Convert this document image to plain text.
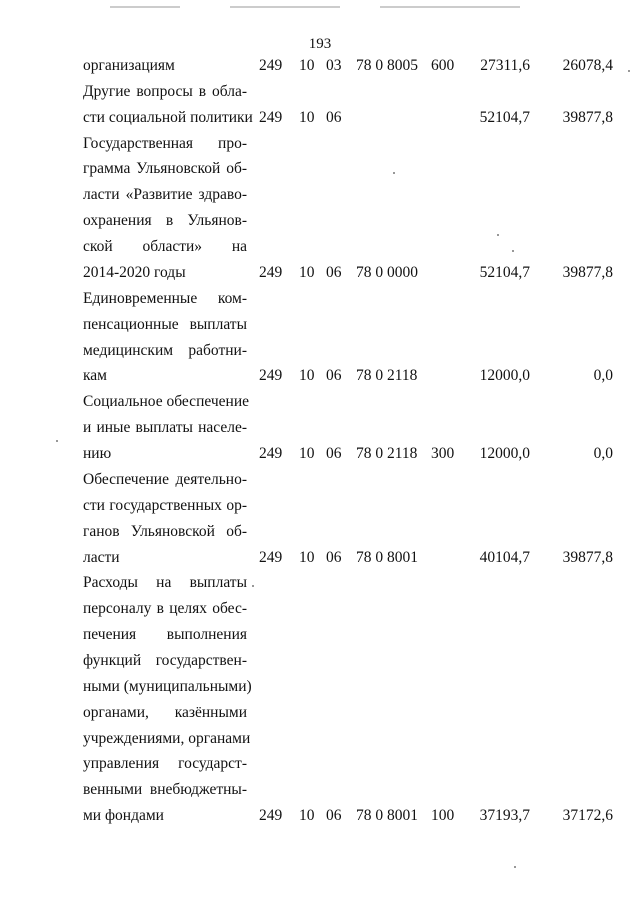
193
организациям	249 10 03 78 0 8005 600 27311,6 26078,4
Другие вопросы в обла-
сти социальной политики 249 10 06	52104,7 39877,8
Государственная про-
грамма Ульяновской об-
ласти «Развитие здраво-
охранения в Ульянов-
ской области» на
2014-2020 годы	249 10 06 78 0 0000	52104,7 39877,8
Единовременные ком-
пенсационные выплаты
медицинским работни-
кам	249 10 06 78 0 2118	12000,0	0,0
Социальное обеспечение
и иные выплаты населе-
нию	249 10 06 78 0 2118 300 12000,0	0,0
Обеспечение деятельно-
сти государственных ор-
ганов Ульяновской об-
ласти	249 10 06 78 0 8001	40104,7 39877,8
Расходы на выплаты
персоналу в целях обес-
печения выполнения
функций государствен-
ными (муниципальными)
органами, казёнными
учреждениями, органами
управления государст-
венными внебюджетны-
ми фондами	249 10 06 78 0 8001 100 37193,7 37172,6
